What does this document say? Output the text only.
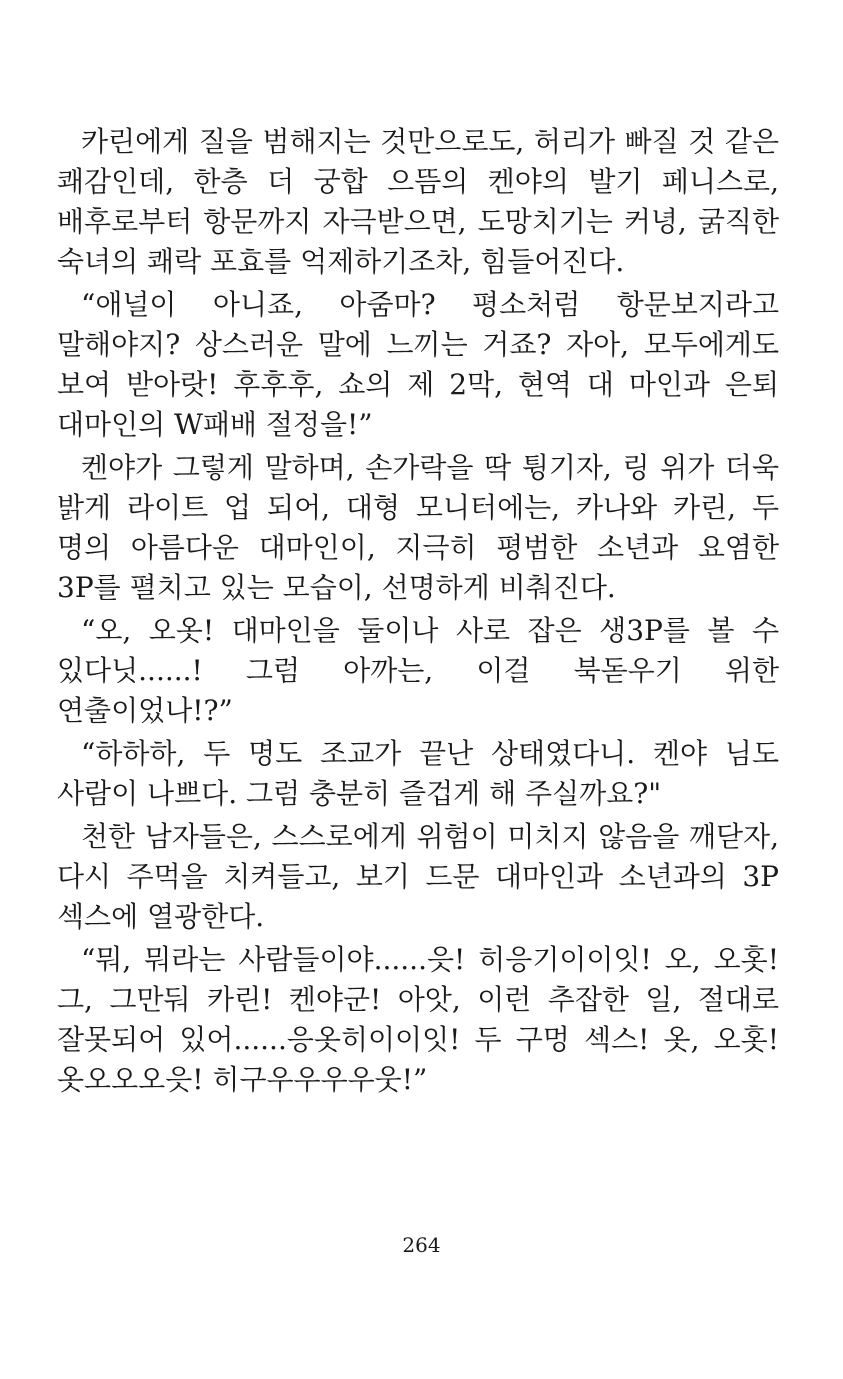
카린에게 질을 범해지는 것만으로도, 허리가 빠질 것 같은 쾌감인데, 한층 더 궁합 으뜸의 켄야의 발기 페니스로, 배후로부터 항문까지 자극받으면, 도망치기는 커녕, 굵직한 숙녀의 쾌락 포효를 억제하기조차, 힘들어진다.

“애널이 아니죠, 아줌마? 평소처럼 항문보지라고 말해야지? 상스러운 말에 느끼는 거죠? 자아, 모두에게도 보여 받아랏! 후후후, 쇼의 제 2막, 현역 대 마인과 은퇴 대마인의 W패배 절정을!”

켄야가 그렇게 말하며, 손가락을 딱 튕기자, 링 위가 더욱 밝게 라이트 업 되어, 대형 모니터에는, 카나와 카린, 두 명의 아름다운 대마인이, 지극히 평범한 소년과 요염한 3P를 펼치고 있는 모습이, 선명하게 비춰진다.

“오, 오옷! 대마인을 둘이나 사로 잡은 생3P를 볼 수 있다닛......! 그럼 아까는, 이걸 북돋우기 위한 연출이었나!?”

“하하하, 두 명도 조교가 끝난 상태였다니. 켄야 님도 사람이 나쁘다. 그럼 충분히 즐겁게 해 주실까요?"

천한 남자들은, 스스로에게 위험이 미치지 않음을 깨닫자, 다시 주먹을 치켜들고, 보기 드문 대마인과 소년과의 3P 섹스에 열광한다.

“뭐, 뭐라는 사람들이야......읏! 히응기이이잇! 오, 오홋! 그, 그만둬 카린! 켄야군! 아앗, 이런 추잡한 일, 절대로 잘못되어 있어......응옷히이이잇! 두 구멍 섹스! 옷, 오홋! 옷오오오읏! 히구우우우우웃!”

264
